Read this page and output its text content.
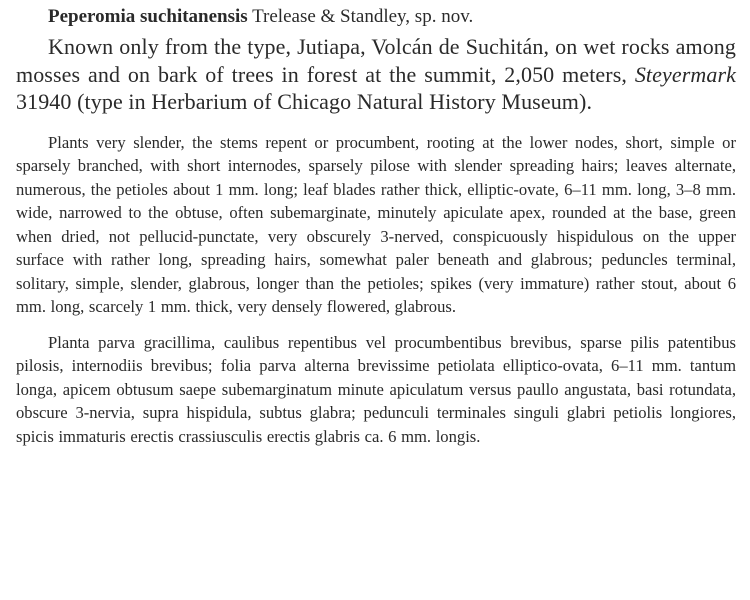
Peperomia suchitanensis Trelease & Standley, sp. nov.

Known only from the type, Jutiapa, Volcán de Suchitán, on wet rocks among mosses and on bark of trees in forest at the summit, 2,050 meters, Steyermark 31940 (type in Herbarium of Chicago Natural History Museum).

Plants very slender, the stems repent or procumbent, rooting at the lower nodes, short, simple or sparsely branched, with short internodes, sparsely pilose with slender spreading hairs; leaves alternate, numerous, the petioles about 1 mm. long; leaf blades rather thick, elliptic-ovate, 6–11 mm. long, 3–8 mm. wide, narrowed to the obtuse, often subemarginate, minutely apiculate apex, rounded at the base, green when dried, not pellucid-punctate, very obscurely 3-nerved, conspicuously hispidulous on the upper surface with rather long, spreading hairs, somewhat paler beneath and glabrous; peduncles terminal, solitary, simple, slender, glabrous, longer than the petioles; spikes (very immature) rather stout, about 6 mm. long, scarcely 1 mm. thick, very densely flowered, glabrous.

Planta parva gracillima, caulibus repentibus vel procumbentibus brevibus, sparse pilis patentibus pilosis, internodiis brevibus; folia parva alterna brevissime petiolata elliptico-ovata, 6–11 mm. tantum longa, apicem obtusum saepe subemarginatum minute apiculatum versus paullo angustata, basi rotundata, obscure 3-nervia, supra hispidula, subtus glabra; pedunculi terminales singuli glabri petiolis longiores, spicis immaturis erectis crassiusculis erectis glabris ca. 6 mm. longis.
